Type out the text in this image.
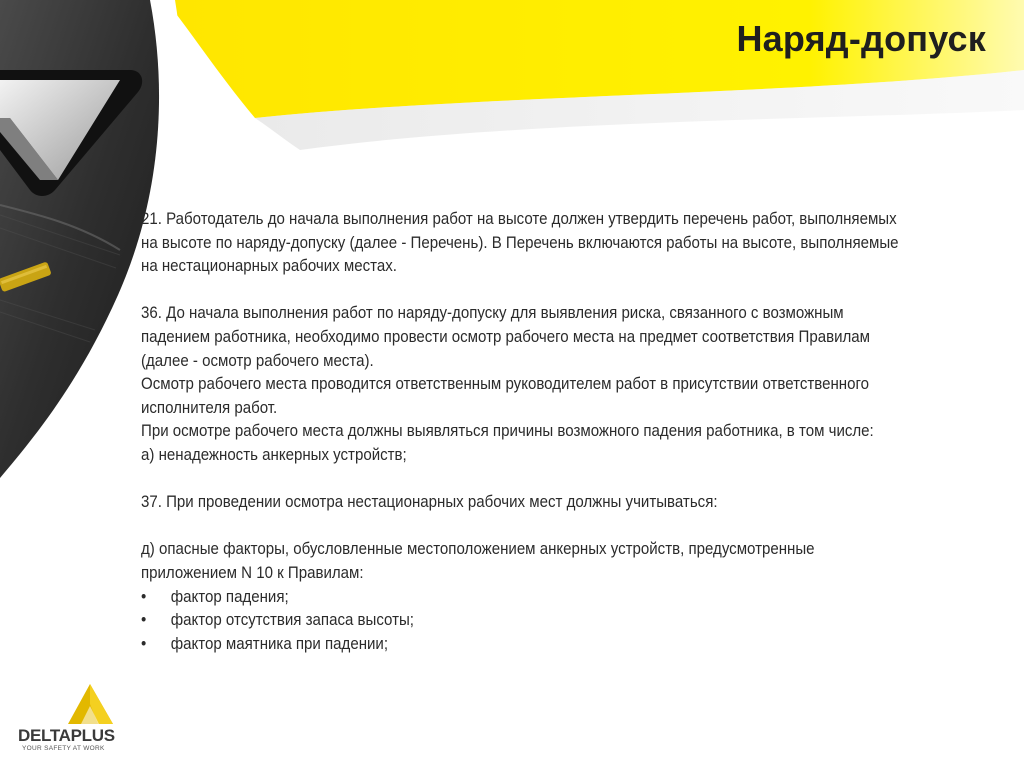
Наряд-допуск

21. Работодатель до начала выполнения работ на высоте должен утвердить перечень работ, выполняемых

на высоте по наряду-допуску (далее - Перечень). В Перечень включаются работы на высоте, выполняемые

на нестационарных рабочих местах.

36. До начала выполнения работ по наряду-допуску для выявления риска, связанного с возможным

падением работника, необходимо провести осмотр рабочего места на предмет соответствия Правилам

(далее - осмотр рабочего места).

Осмотр рабочего места проводится ответственным руководителем работ в присутствии ответственного

исполнителя работ.

При осмотре рабочего места должны выявляться причины возможного падения работника, в том числе:

а) ненадежность анкерных устройств;

37. При проведении осмотра нестационарных рабочих мест должны учитываться:

д) опасные факторы, обусловленные местоположением анкерных устройств, предусмотренные

приложением N 10 к Правилам:

•	фактор падения;
•	фактор отсутствия запаса высоты;
•	фактор маятника при падении;
DELTAPLUS
YOUR SAFETY AT WORK
